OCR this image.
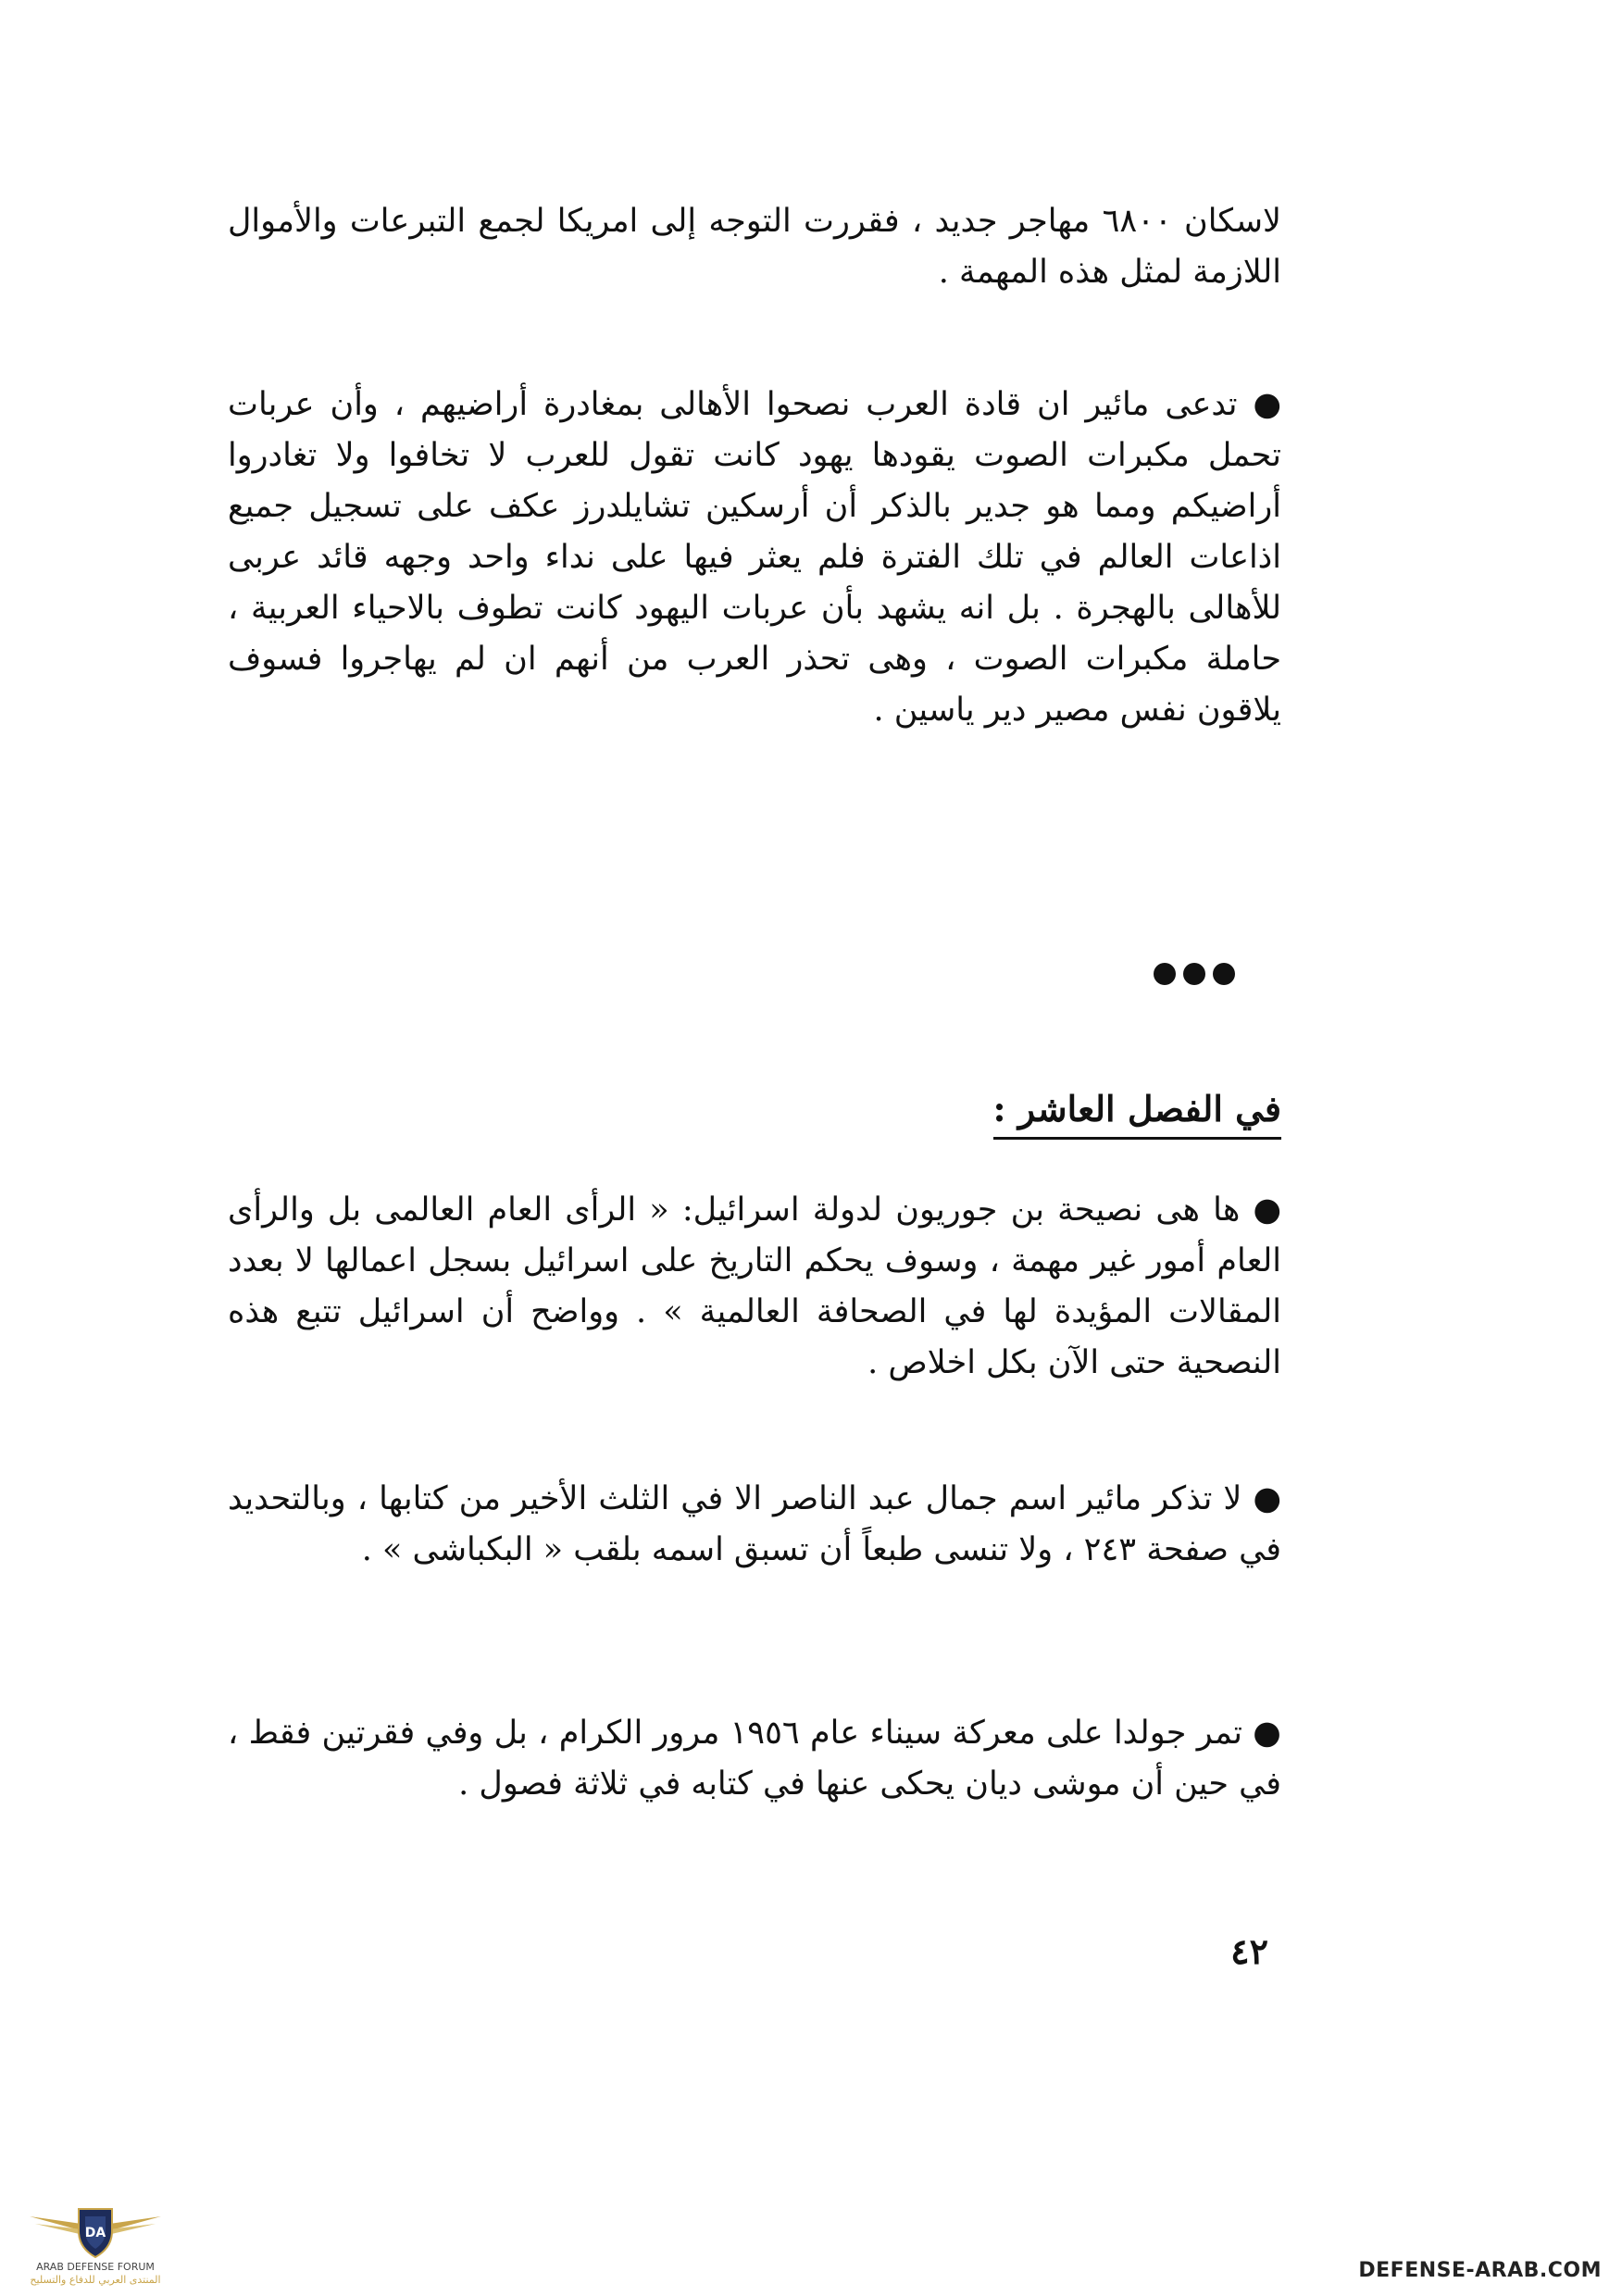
لاسكان ٦٨٠٠ مهاجر جديد ، فقررت التوجه إلى امريكا لجمع التبرعات والأموال اللازمة لمثل هذه المهمة .

● تدعى مائير ان قادة العرب نصحوا الأهالى بمغادرة أراضيهم ، وأن عربات تحمل مكبرات الصوت يقودها يهود كانت تقول للعرب لا تخافوا ولا تغادروا أراضيكم ومما هو جدير بالذكر أن أرسكين تشايلدرز عكف على تسجيل جميع اذاعات العالم في تلك الفترة فلم يعثر فيها على نداء واحد وجهه قائد عربى للأهالى بالهجرة . بل انه يشهد بأن عربات اليهود كانت تطوف بالاحياء العربية ، حاملة مكبرات الصوت ، وهى تحذر العرب من أنهم ان لم يهاجروا فسوف يلاقون نفس مصير دير ياسين .

في الفصل العاشر :

● ها هى نصيحة بن جوريون لدولة اسرائيل: « الرأى العام العالمى بل والرأى العام أمور غير مهمة ، وسوف يحكم التاريخ على اسرائيل بسجل اعمالها لا بعدد المقالات المؤيدة لها في الصحافة العالمية » . وواضح أن اسرائيل تتبع هذه النصحية حتى الآن بكل اخلاص .

● لا تذكر مائير اسم جمال عبد الناصر الا في الثلث الأخير من كتابها ، وبالتحديد في صفحة ٢٤٣ ، ولا تنسى طبعاً أن تسبق اسمه بلقب « البكباشى » .

● تمر جولدا على معركة سيناء عام ١٩٥٦ مرور الكرام ، بل وفي فقرتين فقط ، في حين أن موشى ديان يحكى عنها في كتابه في ثلاثة فصول .

٤٢

DA
ARAB DEFENSE FORUM
المنتدى العربي للدفاع والتسليح	DEFENSE-ARAB.COM
